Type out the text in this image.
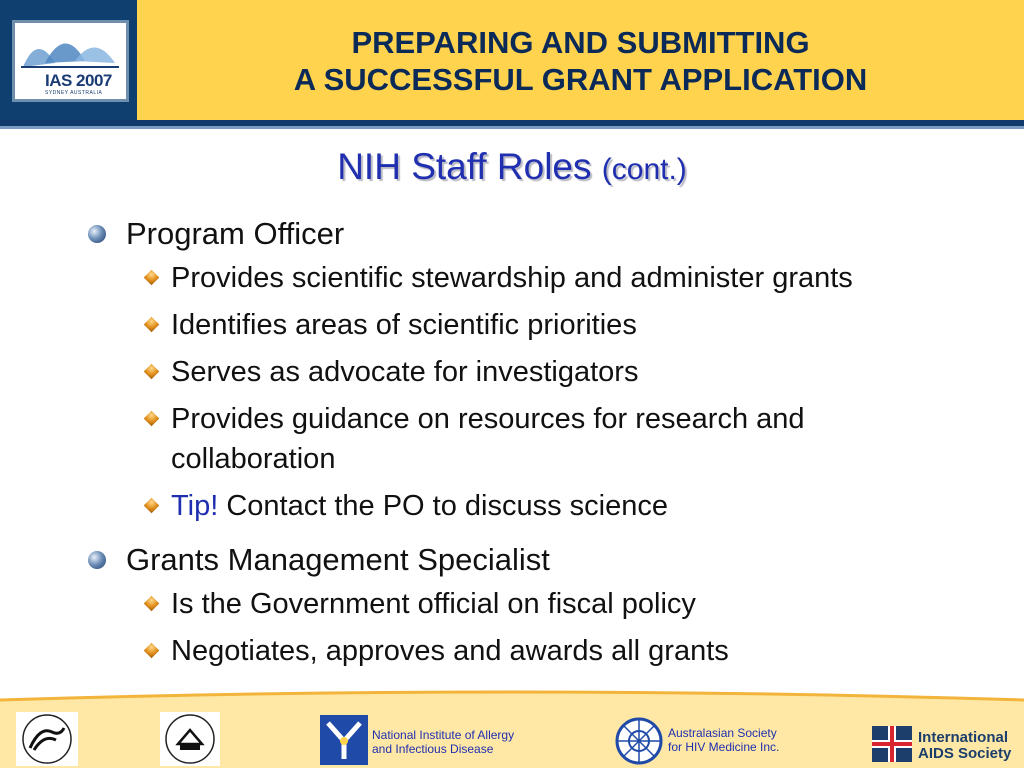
IAS 2007
SYDNEY AUSTRALIA
PREPARING AND SUBMITTING
A SUCCESSFUL GRANT APPLICATION
NIH Staff Roles (cont.)
Program Officer
Provides scientific stewardship and administer grants
Identifies areas of scientific priorities
Serves as advocate for investigators
Provides guidance on resources for research and collaboration
Tip! Contact the PO to discuss science
Grants Management Specialist
Is the Government official on fiscal policy
Negotiates, approves and awards all grants
National Institute of Allergy
and Infectious Disease
Australasian Society
for HIV Medicine Inc.
International
AIDS Society
